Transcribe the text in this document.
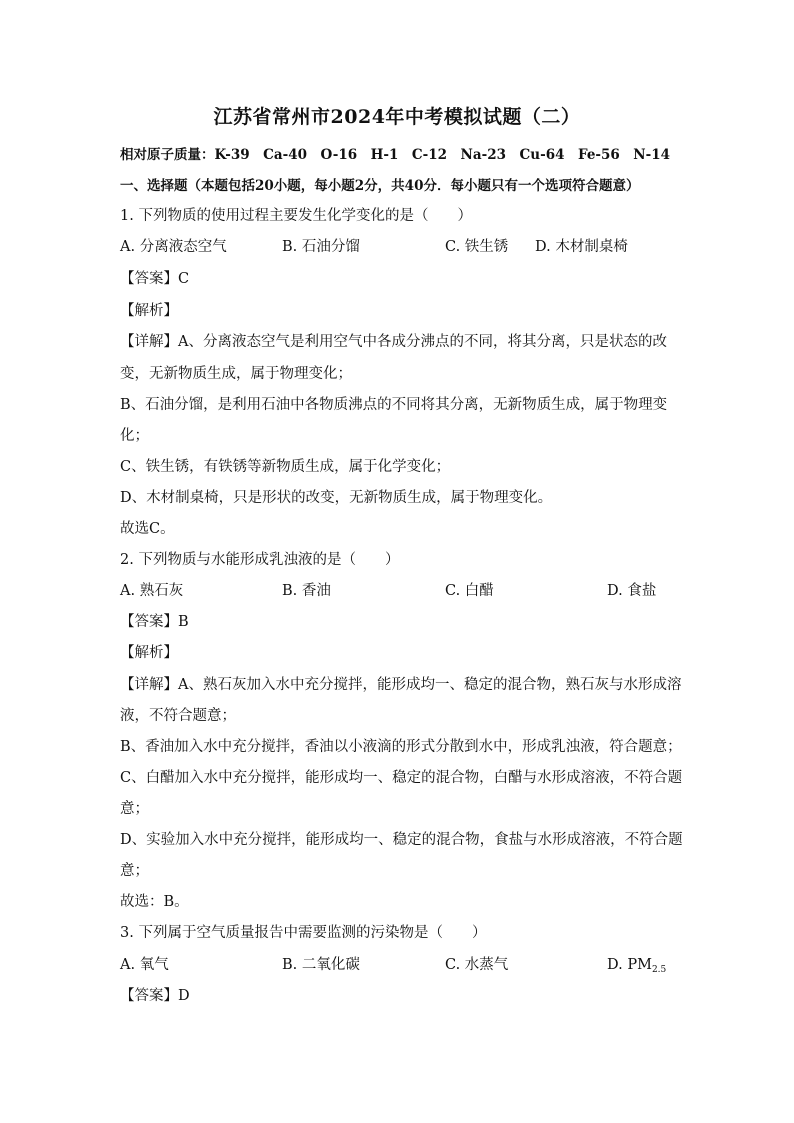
江苏省常州市2024年中考模拟试题（二）
相对原子质量：K-39　Ca-40　O-16　H-1　C-12　Na-23　Cu-64　Fe-56　N-14
一、选择题（本题包括20小题，每小题2分，共40分．每小题只有一个选项符合题意）
1. 下列物质的使用过程主要发生化学变化的是（　　）
A. 分离液态空气	B. 石油分馏	C. 铁生锈 D. 木材制桌椅
【答案】C
【解析】
【详解】A、分离液态空气是利用空气中各成分沸点的不同，将其分离，只是状态的改
变，无新物质生成，属于物理变化；
B、石油分馏，是利用石油中各物质沸点的不同将其分离，无新物质生成，属于物理变
化；
C、铁生锈，有铁锈等新物质生成，属于化学变化；
D、木材制桌椅，只是形状的改变，无新物质生成，属于物理变化。
故选C。
2. 下列物质与水能形成乳浊液的是（　　）
A. 熟石灰	B. 香油	C. 白醋	D. 食盐
【答案】B
【解析】
【详解】A、熟石灰加入水中充分搅拌，能形成均一、稳定的混合物，熟石灰与水形成溶
液，不符合题意；
B、香油加入水中充分搅拌，香油以小液滴的形式分散到水中，形成乳浊液，符合题意；
C、白醋加入水中充分搅拌，能形成均一、稳定的混合物，白醋与水形成溶液，不符合题
意；
D、实验加入水中充分搅拌，能形成均一、稳定的混合物，食盐与水形成溶液，不符合题
意；
故选：B。
3. 下列属于空气质量报告中需要监测的污染物是（　　）
A. 氧气	B. 二氧化碳	C. 水蒸气	D. $PM_{2.5}$
【答案】D
